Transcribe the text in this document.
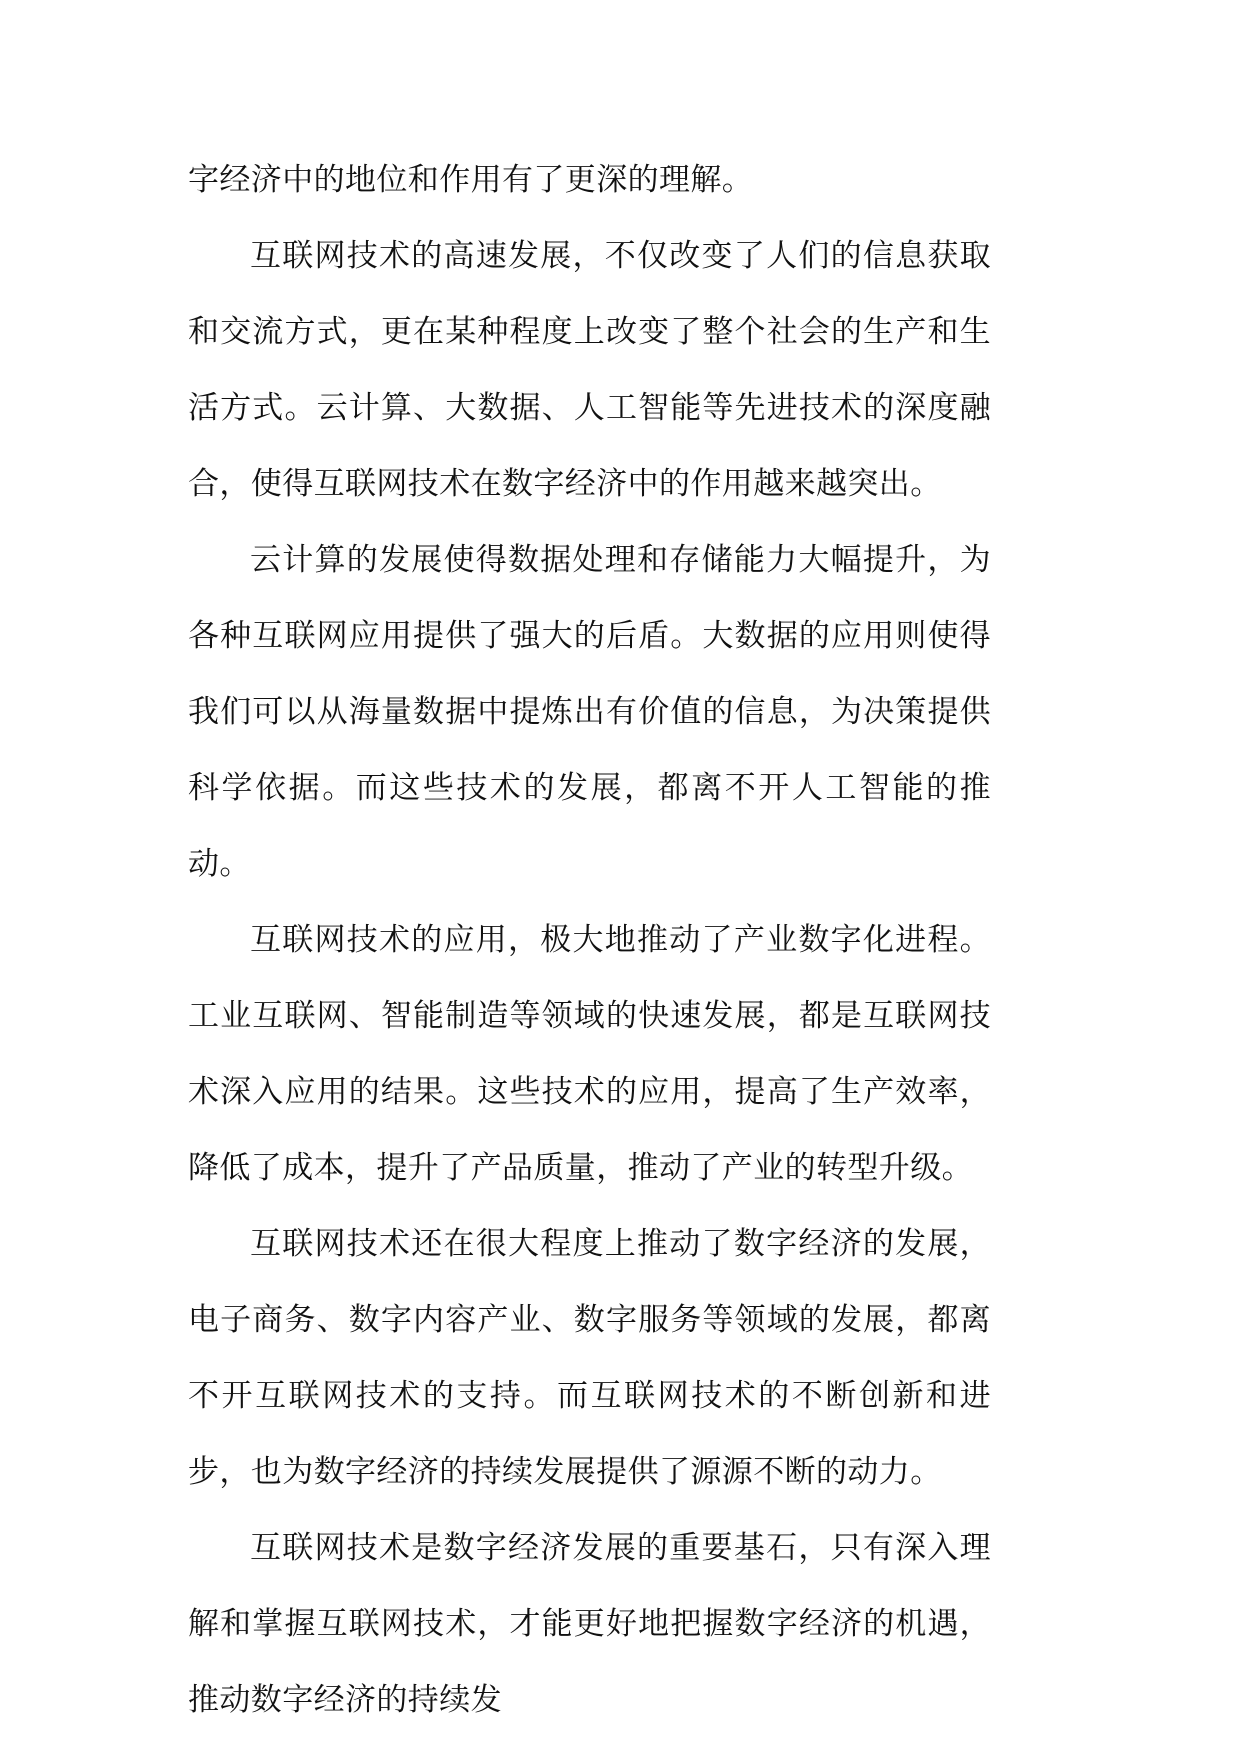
字经济中的地位和作用有了更深的理解。

互联网技术的高速发展，不仅改变了人们的信息获取和交流方式，更在某种程度上改变了整个社会的生产和生活方式。云计算、大数据、人工智能等先进技术的深度融合，使得互联网技术在数字经济中的作用越来越突出。

云计算的发展使得数据处理和存储能力大幅提升，为各种互联网应用提供了强大的后盾。大数据的应用则使得我们可以从海量数据中提炼出有价值的信息，为决策提供科学依据。而这些技术的发展，都离不开人工智能的推动。

互联网技术的应用，极大地推动了产业数字化进程。工业互联网、智能制造等领域的快速发展，都是互联网技术深入应用的结果。这些技术的应用，提高了生产效率，降低了成本，提升了产品质量，推动了产业的转型升级。

互联网技术还在很大程度上推动了数字经济的发展，电子商务、数字内容产业、数字服务等领域的发展，都离不开互联网技术的支持。而互联网技术的不断创新和进步，也为数字经济的持续发展提供了源源不断的动力。

互联网技术是数字经济发展的重要基石，只有深入理解和掌握互联网技术，才能更好地把握数字经济的机遇，推动数字经济的持续发
